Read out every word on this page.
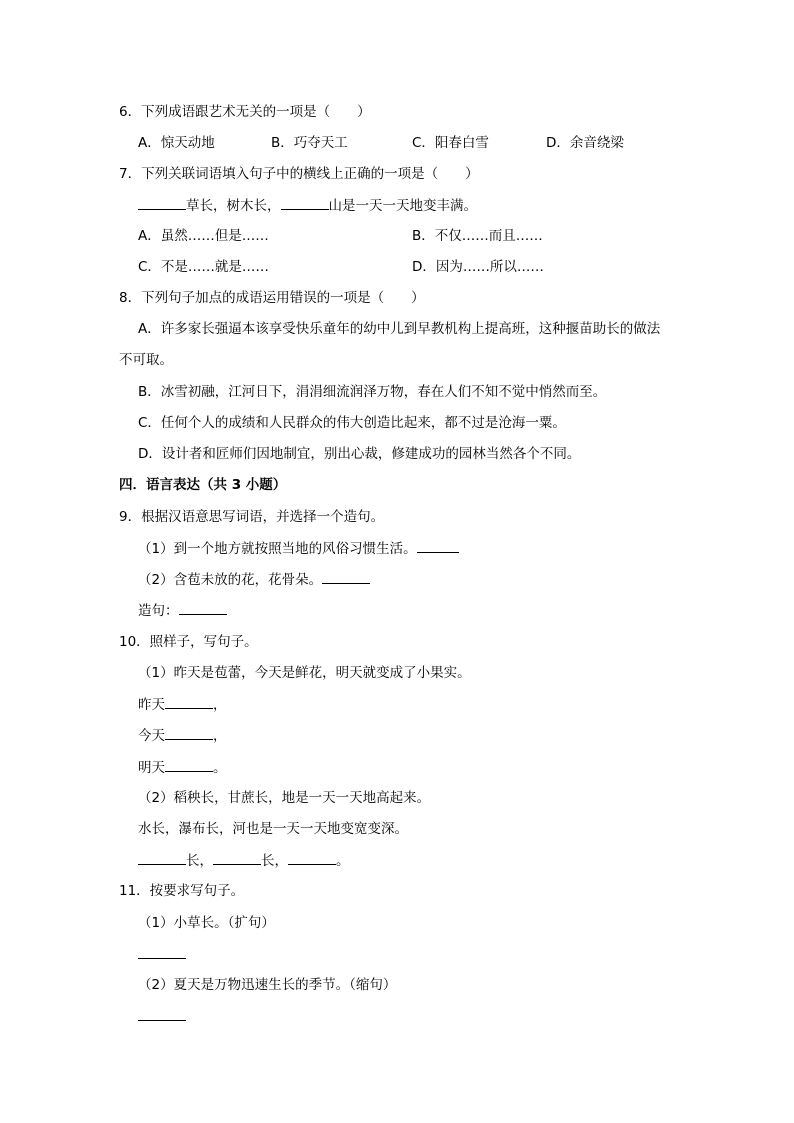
6．下列成语跟艺术无关的一项是（　　）
A．惊天动地	B．巧夺天工	C．阳春白雪	D．余音绕梁
7．下列关联词语填入句子中的横线上正确的一项是（　　）
草长，树木长，	山是一天一天地变丰满。
A．虽然……但是……	B．不仅……而且……
C．不是……就是……	D．因为……所以……
8．下列句子加点的成语运用错误的一项是（　　）
A．许多家长强逼本该享受快乐童年的幼中儿到早教机构上提高班，这种揠苗助长的做法
不可取。
B．冰雪初融，江河日下，涓涓细流润泽万物，春在人们不知不觉中悄然而至。
C．任何个人的成绩和人民群众的伟大创造比起来，都不过是沧海一粟。
D．设计者和匠师们因地制宜，别出心裁，修建成功的园林当然各个不同。
四．语言表达（共 3 小题）
9．根据汉语意思写词语，并选择一个造句。
（1）到一个地方就按照当地的风俗习惯生活。
（2）含苞未放的花，花骨朵。
造句：
10．照样子，写句子。
（1）昨天是苞蕾，今天是鲜花，明天就变成了小果实。
昨天	，
今天	，
明天	。
（2）稻秧长，甘蔗长，地是一天一天地高起来。
水长，瀑布长，河也是一天一天地变宽变深。
长，	长，	。
11．按要求写句子。
（1）小草长。（扩句）
（2）夏天是万物迅速生长的季节。（缩句）
